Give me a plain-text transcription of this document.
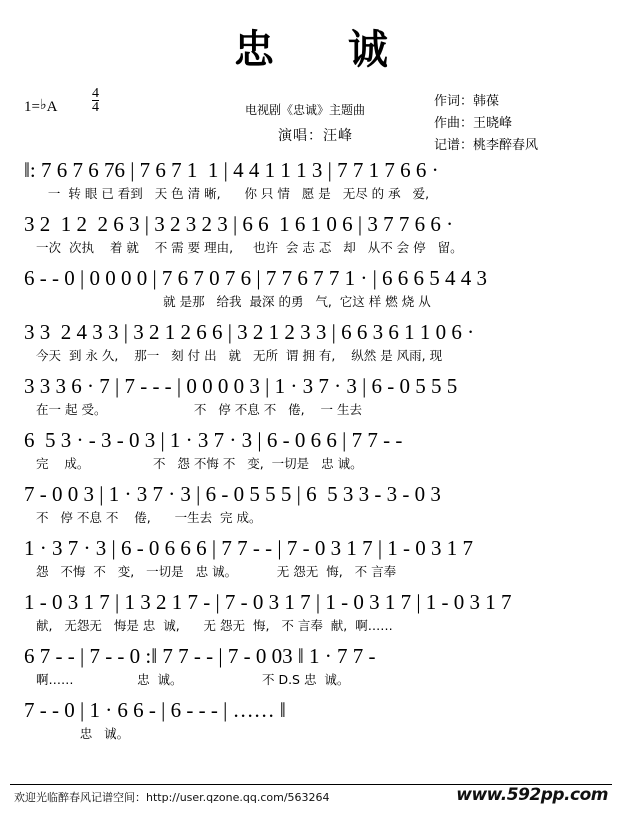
忠 诚
1=♭A $\frac{4}{4}$	电视剧《忠诚》主题曲
演唱：汪峰
作词：韩葆
作曲：王晓峰
记谱：桃李醉春风
‖: 7 6 7 6 76 | 7 6 7 1  1 | 4 4 1 1 1 3 | 7 7 1 7 6 6 ·
一  转 眼 已 看到   天 色 清 晰,      你 只 情   愿 是   无尽 的 承   爱,
3 2  1 2  2 6 3 | 3 2 3 2 3 | 6 6  1 6 1 0 6 | 3 7 7 6 6 ·
一次  次执    着 就    不 需 要 理由,     也许  会 志 忑   却   从不 会 停   留。
6 - - 0 | 0 0 0 0 | 7 6 7 0 7 6 | 7 7 6 7 7 1 · | 6 6 6 5 4 4 3
就 是那   给我  最深 的勇   气,  它这 样 燃 烧 从
3 3  2 4 3 3 | 3 2 1 2 6 6 | 3 2 1 2 3 3 | 6 6 3 6 1 1 0 6 ·
今天  到 永 久,    那一   刻 付 出   就   无所  谓 拥 有,    纵然 是 风雨, 现
3 3 3 6 · 7 | 7 - - - | 0 0 0 0 3 | 1 · 3 7 · 3 | 6 - 0 5 5 5
在一 起 受。                      不   停 不息 不   倦,    一 生去
6  5 3 · - 3 - 0 3 | 1 · 3 7 · 3 | 6 - 0 6 6 | 7 7 - -
完    成。                不   怨 不悔 不   变,  一切是   忠 诚。
7 - 0 0 3 | 1 · 3 7 · 3 | 6 - 0 5 5 5 | 6  5 3 3 - 3 - 0 3
不   停 不息 不    倦,      一生去  完 成。
1 · 3 7 · 3 | 6 - 0 6 6 6 | 7 7 - - | 7 - 0 3 1 7 | 1 - 0 3 1 7
怨   不悔  不   变,   一切是   忠 诚。          无 怨无  悔,   不 言奉
1 - 0 3 1 7 | 1 3 2 1 7 - | 7 - 0 3 1 7 | 1 - 0 3 1 7 | 1 - 0 3 1 7
献,   无怨无   悔是 忠  诚,      无 怨无  悔,   不 言奉  献,  啊……
6 7 - - | 7 - - 0 :‖ 7 7 - - | 7 - 0 03 ‖ 1 · 7 7 -
啊……                忠  诚。                    不 D.S 忠  诚。
7 - - 0 | 1 · 6 6 - | 6 - - - | …… ‖
忠   诚。
欢迎光临醉春风记谱空间：http://user.qzone.qq.com/563264	www.592pp.com
